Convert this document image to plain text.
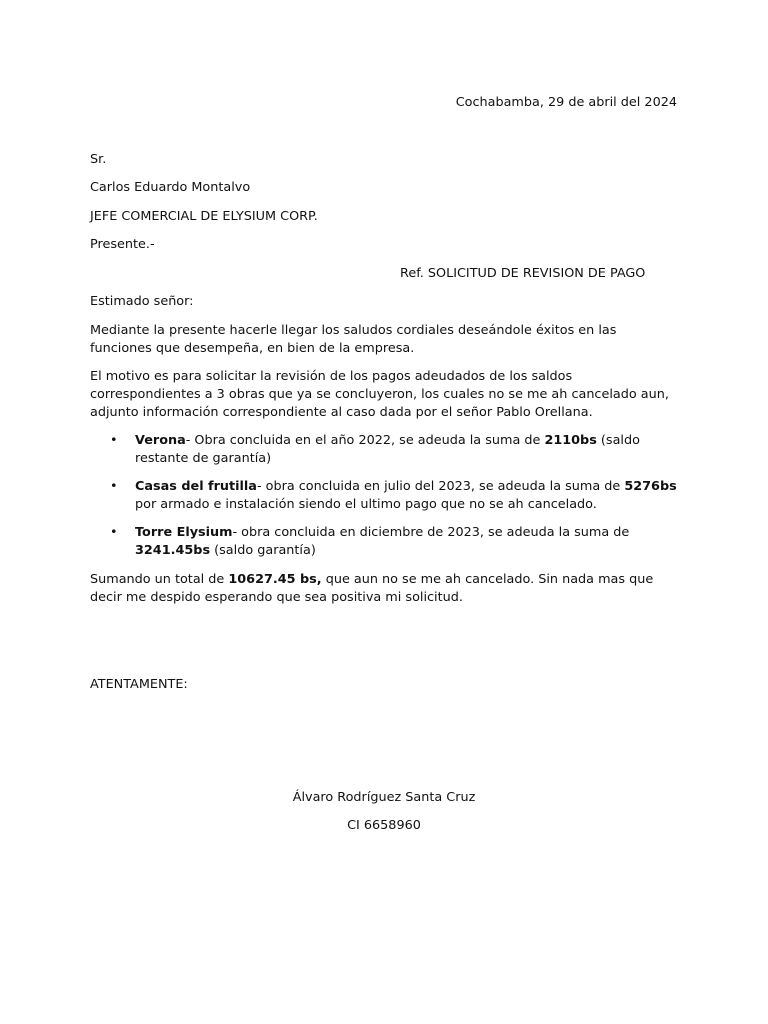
Cochabamba, 29 de abril del 2024
Sr.
Carlos Eduardo Montalvo
JEFE COMERCIAL DE ELYSIUM CORP.
Presente.-
Ref. SOLICITUD DE REVISION DE PAGO
Estimado señor:

Mediante la presente hacerle llegar los saludos cordiales deseándole éxitos en las funciones que desempeña, en bien de la empresa.

El motivo es para solicitar la revisión de los pagos adeudados de los saldos correspondientes a 3 obras que ya se concluyeron, los cuales no se me ah cancelado aun, adjunto información correspondiente al caso dada por el señor Pablo Orellana.

• Verona- Obra concluida en el año 2022, se adeuda la suma de 2110bs (saldo restante de garantía)
• Casas del frutilla- obra concluida en julio del 2023, se adeuda la suma de 5276bs por armado e instalación siendo el ultimo pago que no se ah cancelado.
• Torre Elysium- obra concluida en diciembre de 2023, se adeuda la suma de 3241.45bs (saldo garantía)

Sumando un total de 10627.45 bs, que aun no se me ah cancelado. Sin nada mas que decir me despido esperando que sea positiva mi solicitud.

ATENTAMENTE:
Álvaro Rodríguez Santa Cruz
CI 6658960
